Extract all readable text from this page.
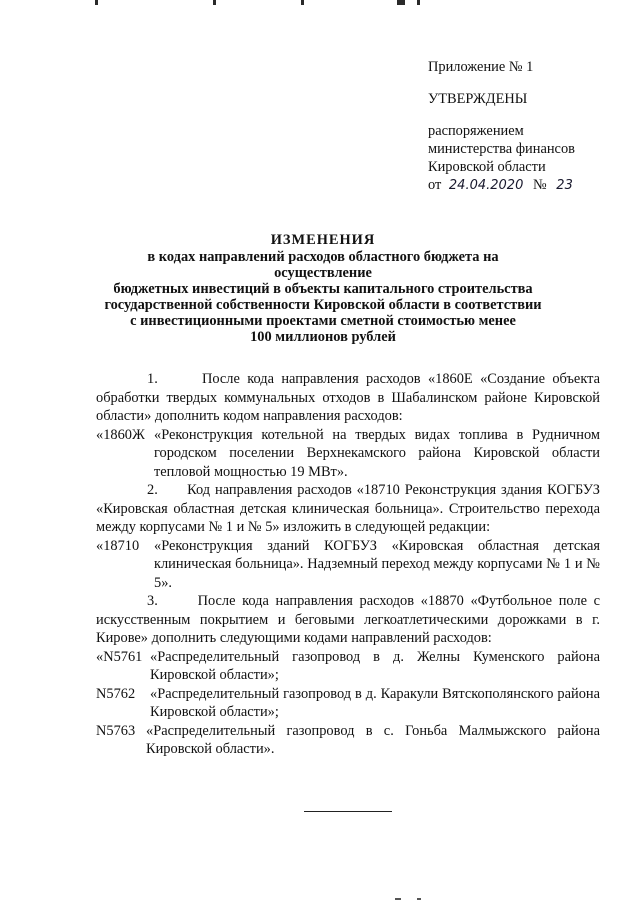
Приложение № 1
УТВЕРЖДЕНЫ
распоряжением
министерства финансов
Кировской области
от 24.04.2020 № 23
ИЗМЕНЕНИЯ
в кодах направлений расходов областного бюджета на осуществление
бюджетных инвестиций в объекты капитального строительства
государственной собственности Кировской области в соответствии
с инвестиционными проектами сметной стоимостью менее
100 миллионов рублей

1.	После кода направления расходов «1860Е «Создание объекта обработки твердых коммунальных отходов в Шабалинском районе Кировской области» дополнить кодом направления расходов:

«1860Ж «Реконструкция котельной на твердых видах топлива в Рудничном городском поселении Верхнекамского района Кировской области тепловой мощностью 19 МВт».

2. Код направления расходов «18710 Реконструкция здания КОГБУЗ «Кировская областная детская клиническая больница». Строительство перехода между корпусами № 1 и № 5» изложить в следующей редакции:

«18710	«Реконструкция зданий КОГБУЗ «Кировская областная детская клиническая больница». Надземный переход между корпусами № 1 и № 5».

3.	После кода направления расходов «18870 «Футбольное поле с искусственным покрытием и беговыми легкоатлетическими дорожками в г. Кирове» дополнить следующими кодами направлений расходов:

«N5761 «Распределительный газопровод в д. Желны Куменского района Кировской области»;
N5762	«Распределительный газопровод в д. Каракули Вятскополянского района Кировской области»;
N5763 «Распределительный газопровод в с. Гоньба Малмыжского района Кировской области».
